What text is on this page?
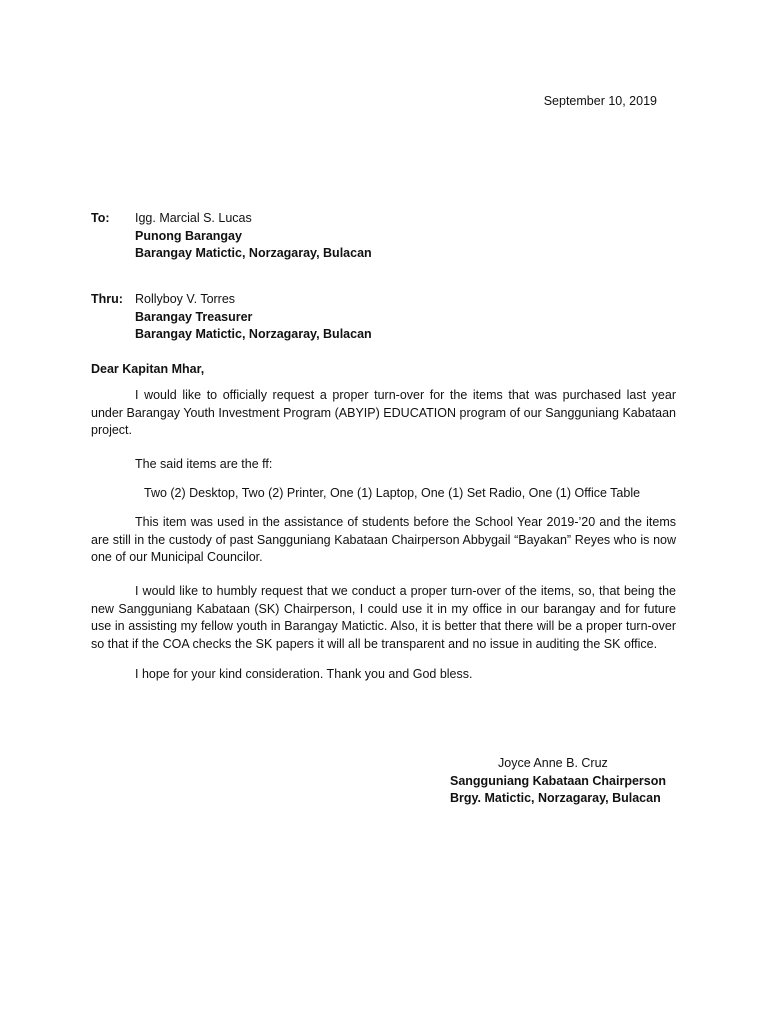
September 10, 2019
To: Igg. Marcial S. Lucas
Punong Barangay
Barangay Matictic, Norzagaray, Bulacan
Thru: Rollyboy V. Torres
Barangay Treasurer
Barangay Matictic, Norzagaray, Bulacan
Dear Kapitan Mhar,

I would like to officially request a proper turn-over for the items that was purchased last year under Barangay Youth Investment Program (ABYIP) EDUCATION program of our Sangguniang Kabataan project.

The said items are the ff:

Two (2) Desktop, Two (2) Printer, One (1) Laptop, One (1) Set Radio, One (1) Office Table

This item was used in the assistance of students before the School Year 2019-’20 and the items are still in the custody of past Sangguniang Kabataan Chairperson Abbygail “Bayakan” Reyes who is now one of our Municipal Councilor.

I would like to humbly request that we conduct a proper turn-over of the items, so, that being the new Sangguniang Kabataan (SK) Chairperson, I could use it in my office in our barangay and for future use in assisting my fellow youth in Barangay Matictic. Also, it is better that there will be a proper turn-over so that if the COA checks the SK papers it will all be transparent and no issue in auditing the SK office.

I hope for your kind consideration. Thank you and God bless.

Joyce Anne B. Cruz
Sangguniang Kabataan Chairperson
Brgy. Matictic, Norzagaray, Bulacan
